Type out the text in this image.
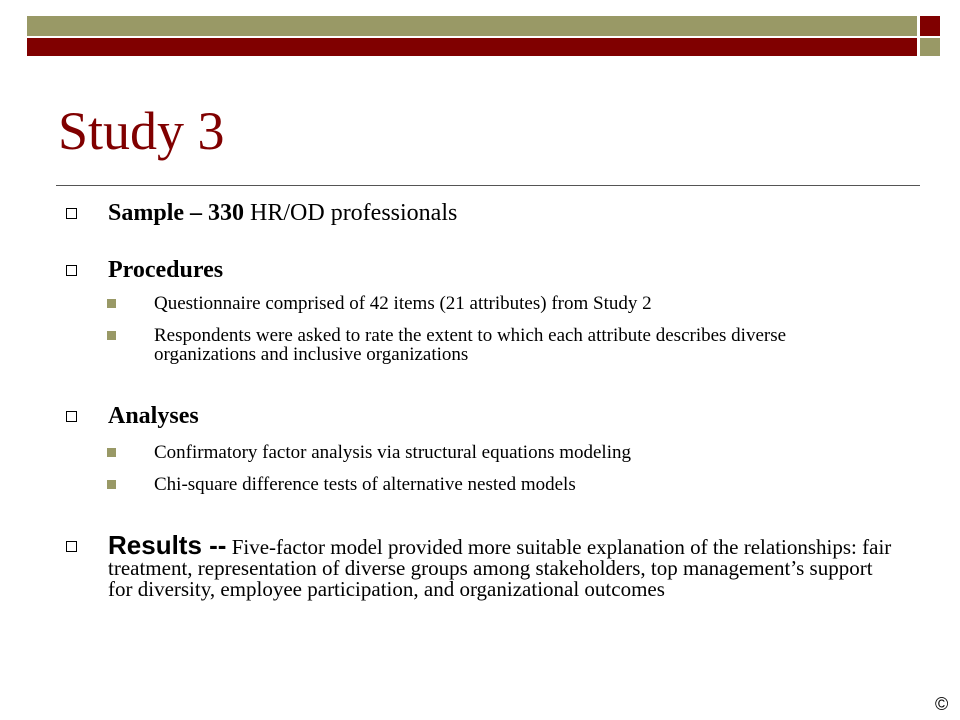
Study 3
Sample – 330 HR/OD professionals
Procedures
Questionnaire comprised of 42 items (21 attributes) from Study 2
Respondents were asked to rate the extent to which each attribute describes diverse organizations and inclusive organizations
Analyses
Confirmatory factor analysis via structural equations modeling
Chi-square difference tests of alternative nested models
Results -- Five-factor model provided more suitable explanation of the relationships: fair treatment, representation of diverse groups among stakeholders, top management’s support for diversity, employee participation, and organizational outcomes
©
